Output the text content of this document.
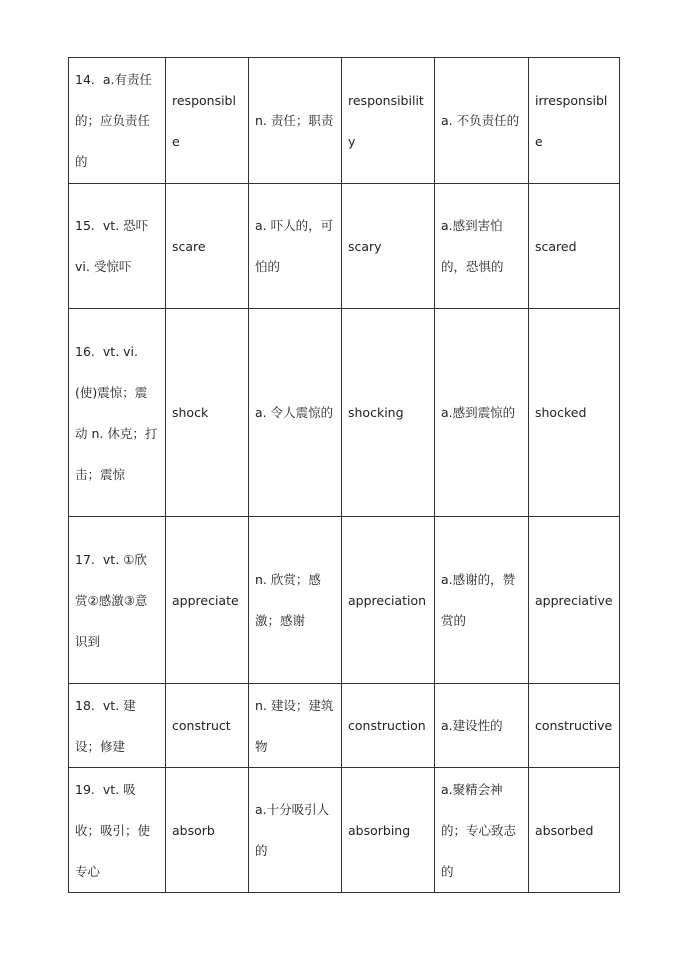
14. a.有责任的；应负责任的	responsible	n. 责任；职责	responsibility	a. 不负责任的	irresponsible
15. vt. 恐吓 vi. 受惊吓	scare	a. 吓人的，可怕的	scary	a.感到害怕的，恐惧的	scared
16. vt. vi. (使)震惊；震动 n. 休克；打击；震惊	shock	a. 令人震惊的	shocking	a.感到震惊的	shocked
17. vt. ①欣赏②感激③意识到	appreciate	n. 欣赏；感激；感谢	appreciation	a.感谢的，赞赏的	appreciative
18. vt. 建设；修建	construct	n. 建设；建筑物	construction	a.建设性的	constructive
19. vt. 吸收；吸引；使专心	absorb	a.十分吸引人的	absorbing	a.聚精会神的；专心致志的	absorbed
